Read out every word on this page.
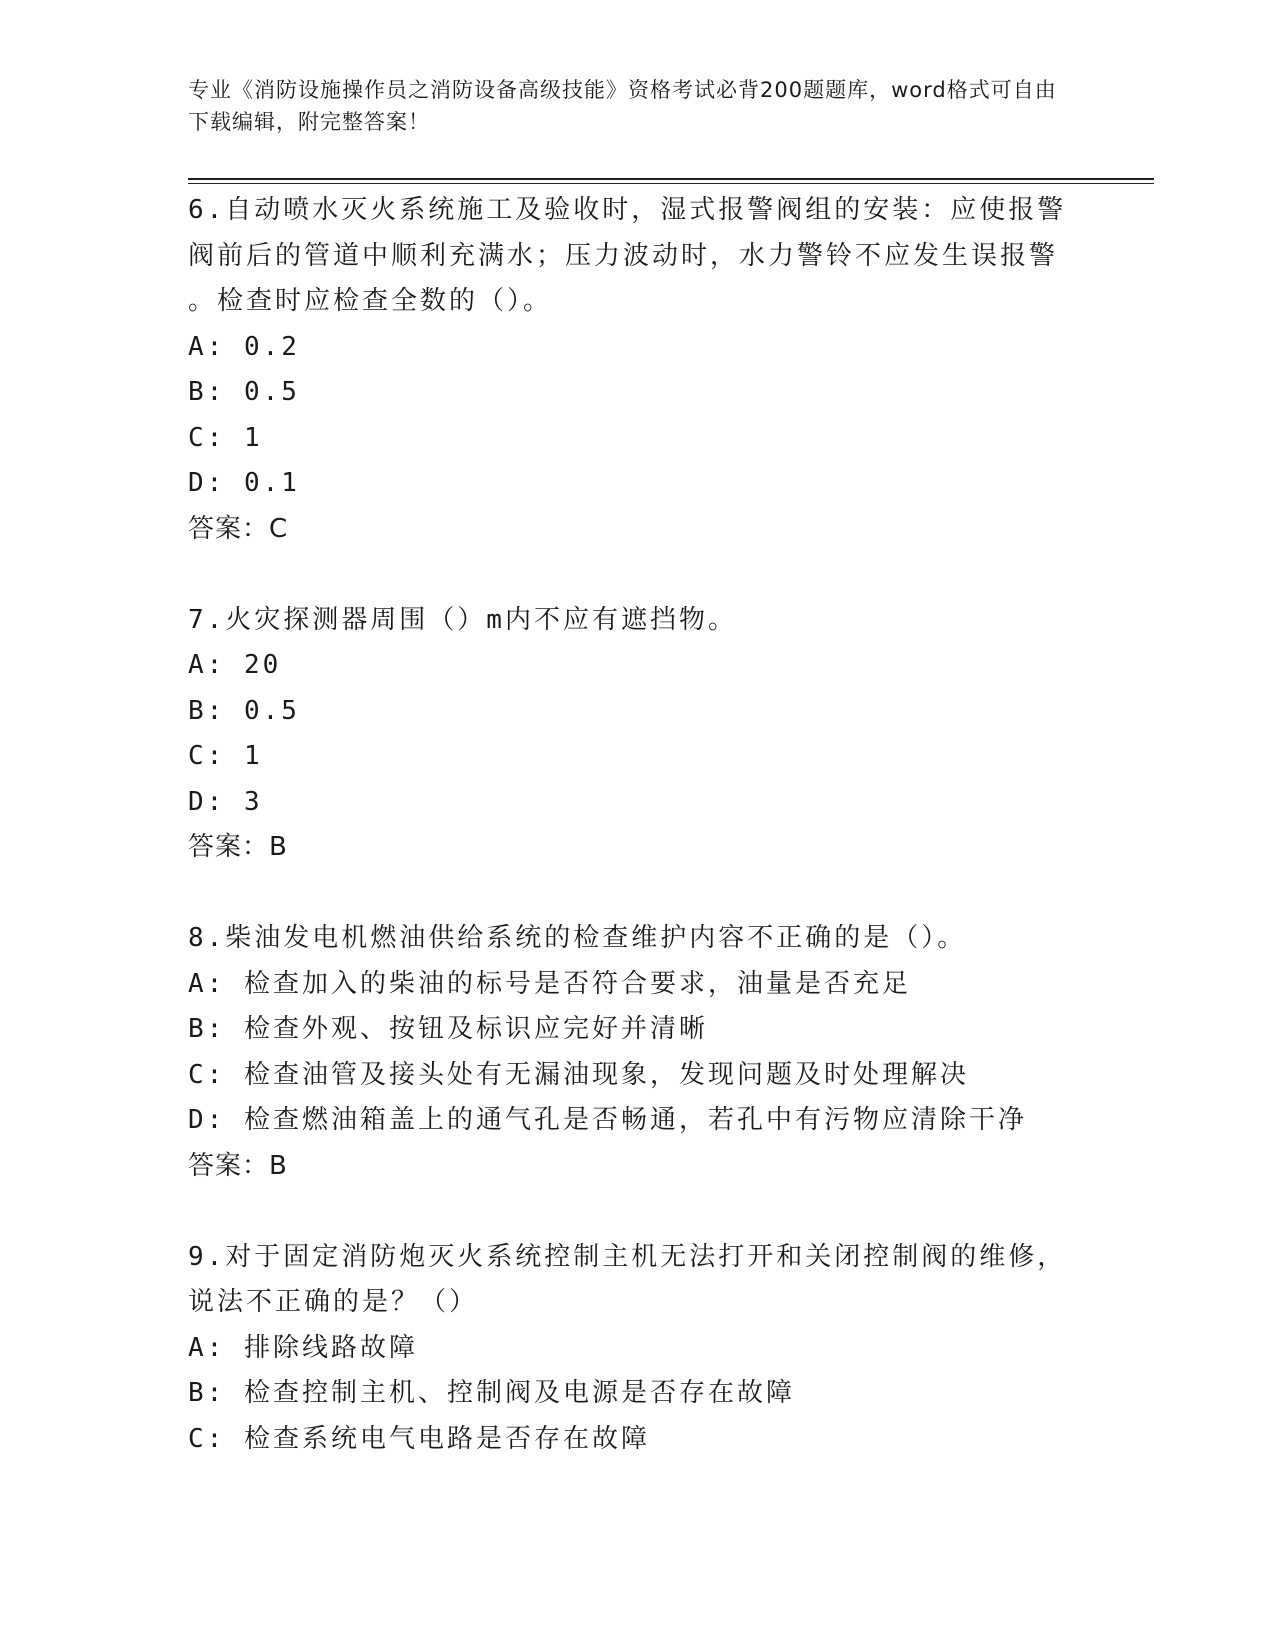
专业《消防设施操作员之消防设备高级技能》资格考试必背200题题库，word格式可自由下载编辑，附完整答案！
6.自动喷水灭火系统施工及验收时，湿式报警阀组的安装：应使报警
阀前后的管道中顺利充满水；压力波动时，水力警铃不应发生误报警
。检查时应检查全数的（）。
A: 0.2
B: 0.5
C: 1
D: 0.1
答案：C
7.火灾探测器周围（）m内不应有遮挡物。
A: 20
B: 0.5
C: 1
D: 3
答案：B
8.柴油发电机燃油供给系统的检查维护内容不正确的是（）。
A: 检查加入的柴油的标号是否符合要求，油量是否充足
B: 检查外观、按钮及标识应完好并清晰
C: 检查油管及接头处有无漏油现象，发现问题及时处理解决
D: 检查燃油箱盖上的通气孔是否畅通，若孔中有污物应清除干净
答案：B
9.对于固定消防炮灭火系统控制主机无法打开和关闭控制阀的维修，
说法不正确的是？（）
A: 排除线路故障
B: 检查控制主机、控制阀及电源是否存在故障
C: 检查系统电气电路是否存在故障
